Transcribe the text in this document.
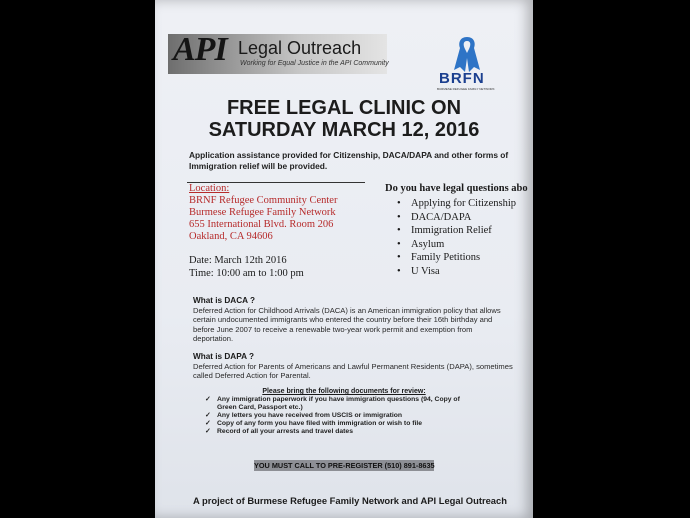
API Legal Outreach
Working for Equal Justice in the API Community
BRFN
BURMESE REFUGEE FAMILY NETWORK
FREE LEGAL CLINIC ON
SATURDAY MARCH 12, 2016
Application assistance provided for Citizenship, DACA/DAPA and other forms of Immigration relief will be provided.
Location:
BRNF Refugee Community Center
Burmese Refugee Family Network
655 International Blvd. Room 206
Oakland, CA 94606
Date: March 12th 2016
Time: 10:00 am to 1:00 pm
Do you have legal questions abo
• Applying for Citizenship
• DACA/DAPA
• Immigration Relief
• Asylum
• Family Petitions
• U Visa
What is DACA ?
Deferred Action for Childhood Arrivals (DACA) is an American immigration policy that allows certain undocumented immigrants who entered the country before their 16th birthday and before June 2007 to receive a renewable two-year work permit and exemption from deportation.
What is DAPA ?
Deferred Action for Parents of Americans and Lawful Permanent Residents (DAPA), sometimes called Deferred Action for Parental.
Please bring the following documents for review:
✓ Any immigration paperwork if you have immigration questions (94, Copy of Green Card, Passport etc.)
✓ Any letters you have received from USCIS or immigration
✓ Copy of any form you have filed with immigration or wish to file
✓ Record of all your arrests and travel dates
YOU MUST CALL TO PRE-REGISTER (510) 891-8635
A project of Burmese Refugee Family Network and API Legal Outreach
